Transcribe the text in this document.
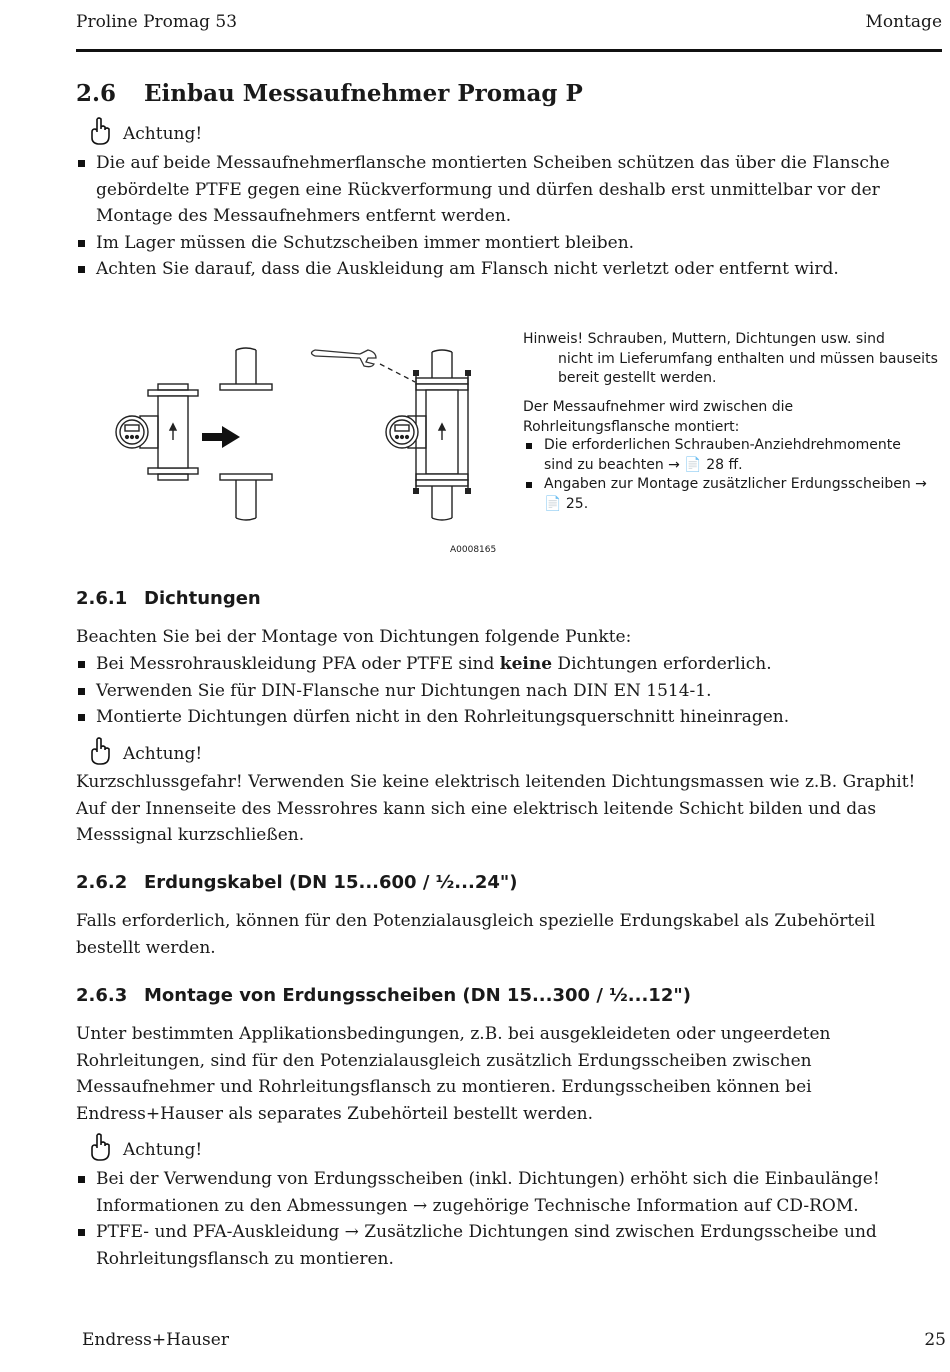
Proline Promag 53	Montage
2.6 Einbau Messaufnehmer Promag P
Achtung!
Die auf beide Messaufnehmerflansche montierten Scheiben schützen das über die Flansche gebördelte PTFE gegen eine Rückverformung und dürfen deshalb erst unmittelbar vor der Montage des Messaufnehmers entfernt werden.
Im Lager müssen die Schutzscheiben immer montiert bleiben.
Achten Sie darauf, dass die Auskleidung am Flansch nicht verletzt oder entfernt wird.
A0008165
Hinweis! Schrauben, Muttern, Dichtungen usw. sind
nicht im Lieferumfang enthalten und müssen bauseits bereit gestellt werden.
Der Messaufnehmer wird zwischen die Rohrleitungsflansche montiert:
Die erforderlichen Schrauben-Anziehdrehmomente sind zu beachten → 📄 28 ff.
Angaben zur Montage zusätzlicher Erdungsscheiben → 📄 25.
2.6.1 Dichtungen
Beachten Sie bei der Montage von Dichtungen folgende Punkte:
Bei Messrohrauskleidung PFA oder PTFE sind keine Dichtungen erforderlich.
Verwenden Sie für DIN-Flansche nur Dichtungen nach DIN EN 1514-1.
Montierte Dichtungen dürfen nicht in den Rohrleitungsquerschnitt hineinragen.
Achtung!
Kurzschlussgefahr! Verwenden Sie keine elektrisch leitenden Dichtungsmassen wie z.B. Graphit! Auf der Innenseite des Messrohres kann sich eine elektrisch leitende Schicht bilden und das Messsignal kurzschließen.
2.6.2 Erdungskabel (DN 15...600 / ½...24")
Falls erforderlich, können für den Potenzialausgleich spezielle Erdungskabel als Zubehörteil bestellt werden.
2.6.3 Montage von Erdungsscheiben (DN 15...300 / ½...12")
Unter bestimmten Applikationsbedingungen, z.B. bei ausgekleideten oder ungeerdeten Rohrleitungen, sind für den Potenzialausgleich zusätzlich Erdungsscheiben zwischen Messaufnehmer und Rohrleitungsflansch zu montieren. Erdungsscheiben können bei Endress+Hauser als separates Zubehörteil bestellt werden.
Achtung!
Bei der Verwendung von Erdungsscheiben (inkl. Dichtungen) erhöht sich die Einbaulänge! Informationen zu den Abmessungen → zugehörige Technische Information auf CD-ROM.
PTFE- und PFA-Auskleidung → Zusätzliche Dichtungen sind zwischen Erdungsscheibe und Rohrleitungsflansch zu montieren.
Endress+Hauser	25
